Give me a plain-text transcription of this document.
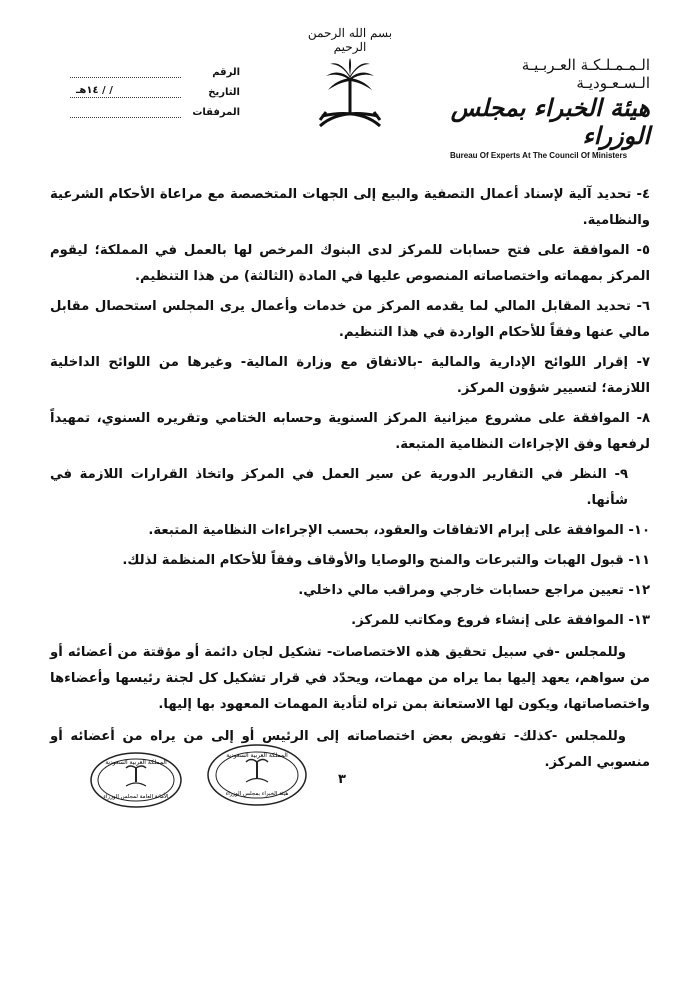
الـمـمـلـكـة العـربـيـة الـسـعـوديـة
هيئة الخبراء بمجلس الوزراء
Bureau Of Experts At The Council Of Ministers
بسم الله الرحمن الرحيم
الرقم
التاريخ
/ / ١٤هـ
المرفقات
٤- تحديد آلية لإسناد أعمال التصفية والبيع إلى الجهات المتخصصة مع مراعاة الأحكام الشرعية والنظامية.
٥- الموافقة على فتح حسابات للمركز لدى البنوك المرخص لها بالعمل في المملكة؛ ليقوم المركز بمهماته واختصاصاته المنصوص عليها في المادة (الثالثة) من هذا التنظيم.
٦- تحديد المقابل المالي لما يقدمه المركز من خدمات وأعمال يرى المجلس استحصال مقابل مالي عنها وفقاً للأحكام الواردة في هذا التنظيم.
٧- إقرار اللوائح الإدارية والمالية -بالاتفاق مع وزارة المالية- وغيرها من اللوائح الداخلية اللازمة؛ لتسيير شؤون المركز.
٨- الموافقة على مشروع ميزانية المركز السنوية وحسابه الختامي وتقريره السنوي، تمهيداً لرفعها وفق الإجراءات النظامية المتبعة.
٩- النظر في التقارير الدورية عن سير العمل في المركز واتخاذ القرارات اللازمة في شأنها.
١٠- الموافقة على إبرام الاتفاقات والعقود، بحسب الإجراءات النظامية المتبعة.
١١- قبول الهبات والتبرعات والمنح والوصايا والأوقاف وفقاً للأحكام المنظمة لذلك.
١٢- تعيين مراجع حسابات خارجي ومراقب مالي داخلي.
١٣- الموافقة على إنشاء فروع ومكاتب للمركز.
وللمجلس -في سبيل تحقيق هذه الاختصاصات- تشكيل لجان دائمة أو مؤقتة من أعضائه أو من سواهم، يعهد إليها بما يراه من مهمات، ويحدّد في قرار تشكيل كل لجنة رئيسها وأعضاءها واختصاصاتها، ويكون لها الاستعانة بمن تراه لتأدية المهمات المعهود بها إليها.
وللمجلس -كذلك- تفويض بعض اختصاصاته إلى الرئيس أو إلى من يراه من أعضائه أو منسوبي المركز.
المملكة العربية السعودية
الأمانة العامة لمجلس الوزراء
المملكة العربية السعودية
هيئة الخبراء بمجلس الوزراء
٣
